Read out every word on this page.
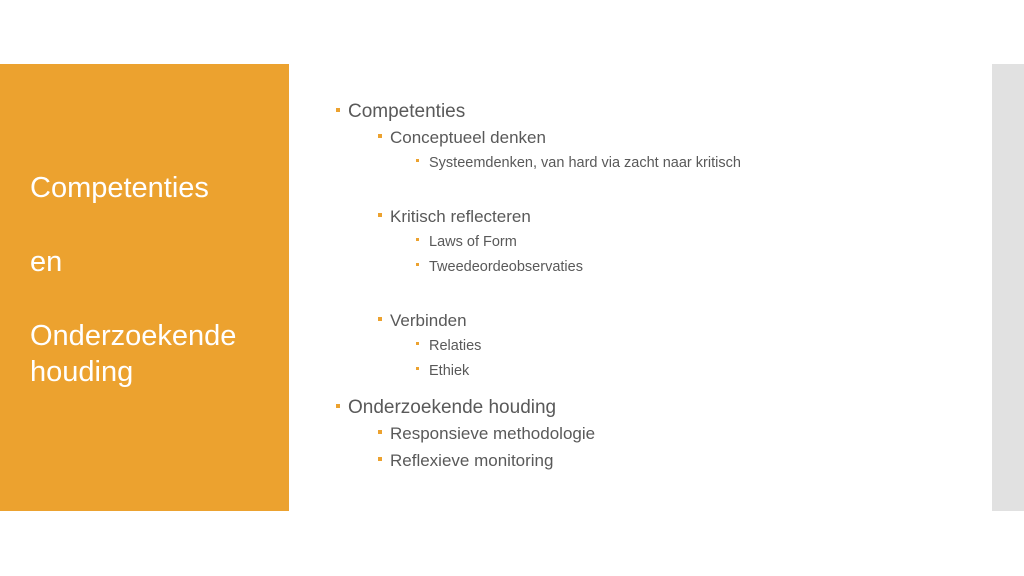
Competenties
en
Onderzoekende
houding
Competenties
Conceptueel denken
Systeemdenken, van hard via zacht naar kritisch
Kritisch reflecteren
Laws of Form
Tweedeordeobservaties
Verbinden
Relaties
Ethiek
Onderzoekende houding
Responsieve methodologie
Reflexieve monitoring
